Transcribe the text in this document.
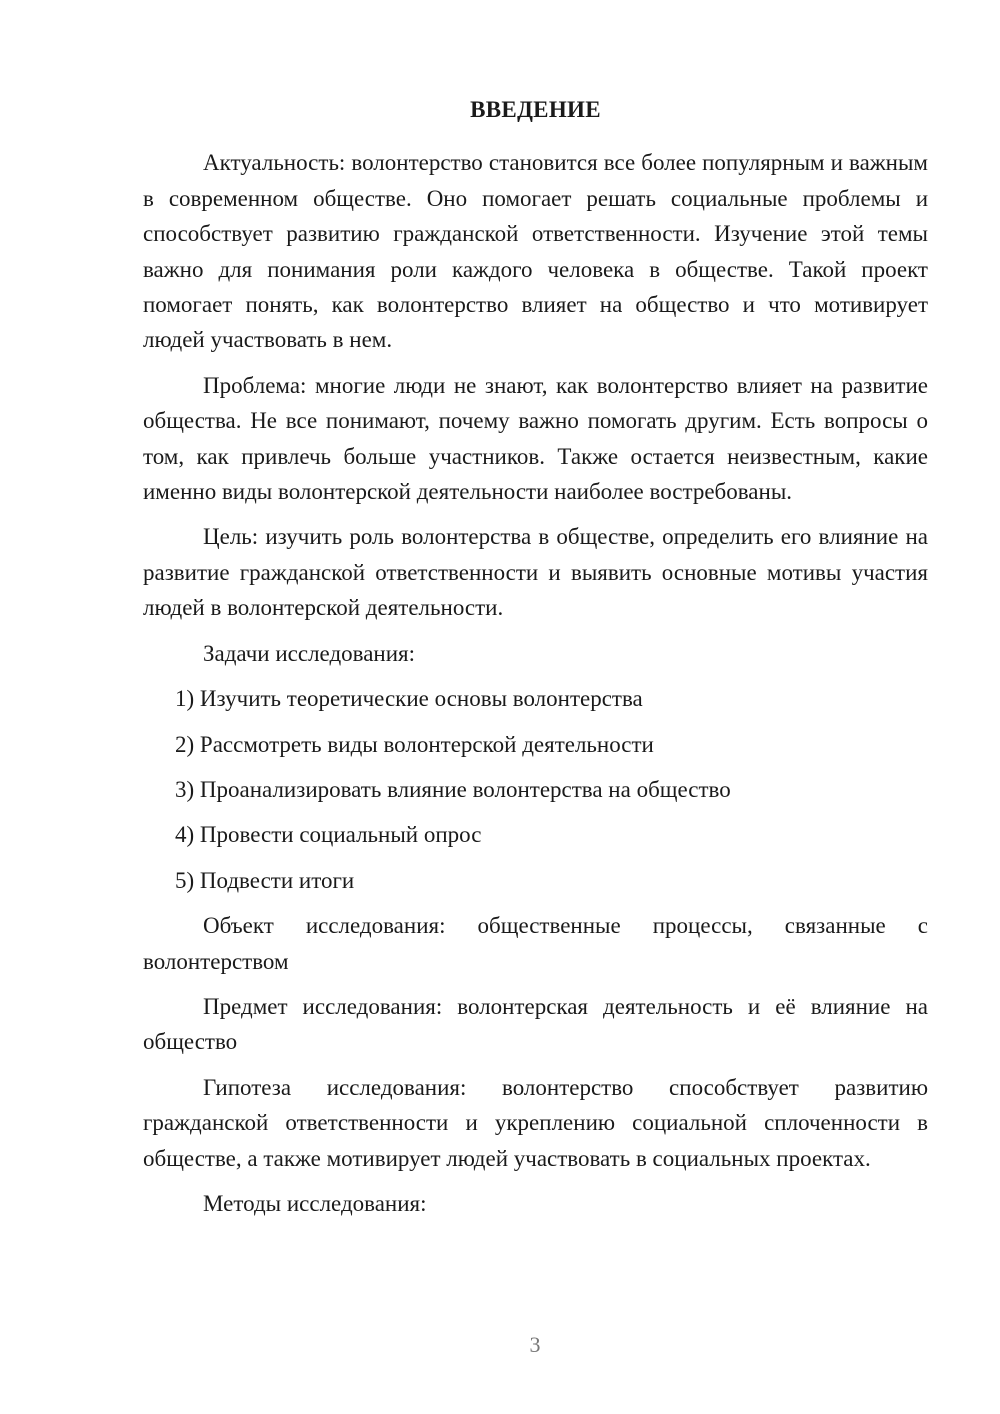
ВВЕДЕНИЕ

Актуальность: волонтерство становится все более популярным и важным в современном обществе. Оно помогает решать социальные проблемы и способствует развитию гражданской ответственности. Изучение этой темы важно для понимания роли каждого человека в обществе. Такой проект помогает понять, как волонтерство влияет на общество и что мотивирует людей участвовать в нем.

Проблема: многие люди не знают, как волонтерство влияет на развитие общества. Не все понимают, почему важно помогать другим. Есть вопросы о том, как привлечь больше участников. Также остается неизвестным, какие именно виды волонтерской деятельности наиболее востребованы.

Цель: изучить роль волонтерства в обществе, определить его влияние на развитие гражданской ответственности и выявить основные мотивы участия людей в волонтерской деятельности.

Задачи исследования:

1) Изучить теоретические основы волонтерства
2) Рассмотреть виды волонтерской деятельности
3) Проанализировать влияние волонтерства на общество
4) Провести социальный опрос
5) Подвести итоги

Объект исследования: общественные процессы, связанные с волонтерством

Предмет исследования: волонтерская деятельность и её влияние на общество

Гипотеза исследования: волонтерство способствует развитию гражданской ответственности и укреплению социальной сплоченности в обществе, а также мотивирует людей участвовать в социальных проектах.

Методы исследования:

3
